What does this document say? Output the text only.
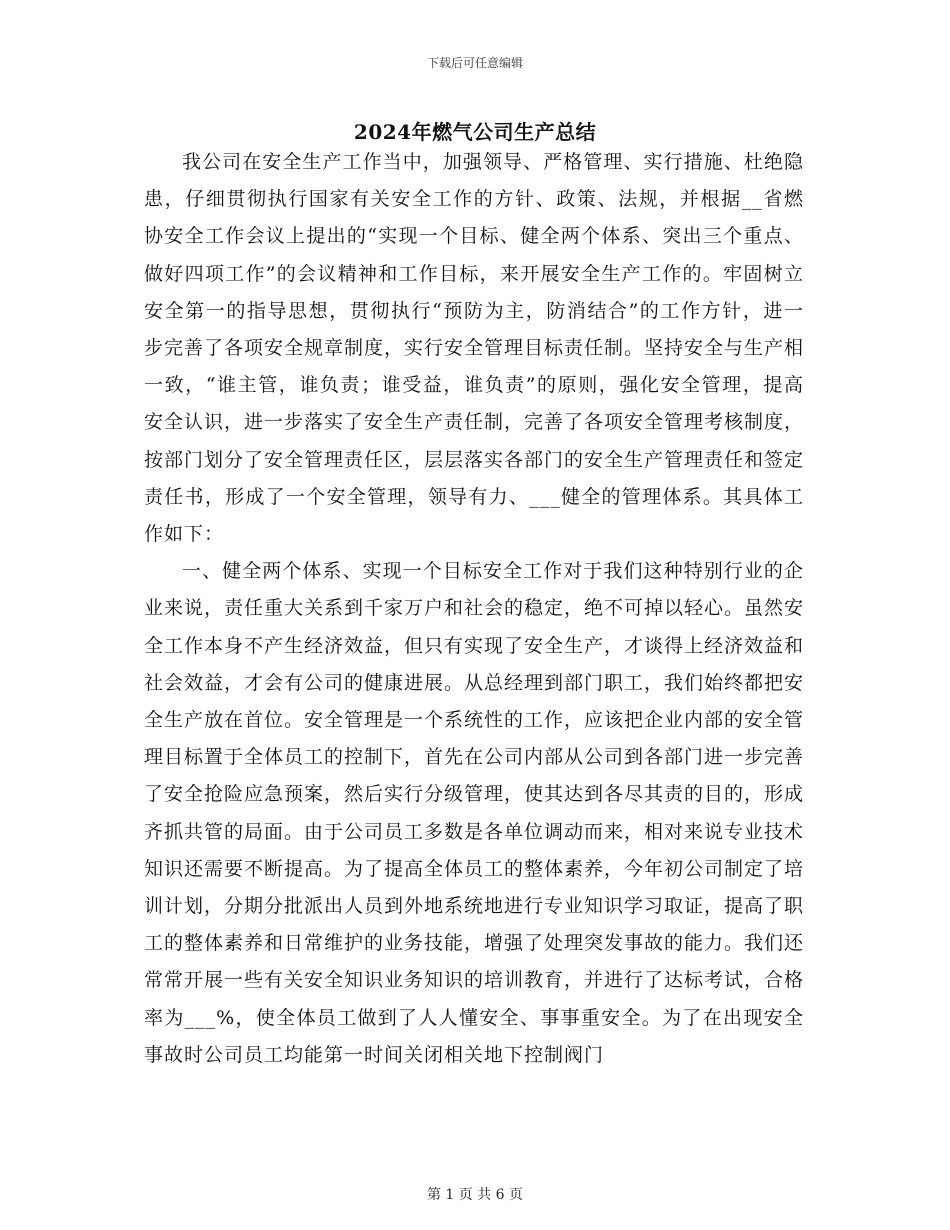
下载后可任意编辑
2024年燃气公司生产总结

我公司在安全生产工作当中，加强领导、严格管理、实行措施、杜绝隐患，仔细贯彻执行国家有关安全工作的方针、政策、法规，并根据__省燃协安全工作会议上提出的“实现一个目标、健全两个体系、突出三个重点、做好四项工作”的会议精神和工作目标，来开展安全生产工作的。牢固树立安全第一的指导思想，贯彻执行“预防为主，防消结合”的工作方针，进一步完善了各项安全规章制度，实行安全管理目标责任制。坚持安全与生产相一致，“谁主管，谁负责；谁受益，谁负责”的原则，强化安全管理，提高安全认识，进一步落实了安全生产责任制，完善了各项安全管理考核制度，按部门划分了安全管理责任区，层层落实各部门的安全生产管理责任和签定责任书，形成了一个安全管理，领导有力、___健全的管理体系。其具体工作如下：

一、健全两个体系、实现一个目标安全工作对于我们这种特别行业的企业来说，责任重大关系到千家万户和社会的稳定，绝不可掉以轻心。虽然安全工作本身不产生经济效益，但只有实现了安全生产，才谈得上经济效益和社会效益，才会有公司的健康进展。从总经理到部门职工，我们始终都把安全生产放在首位。安全管理是一个系统性的工作，应该把企业内部的安全管理目标置于全体员工的控制下，首先在公司内部从公司到各部门进一步完善了安全抢险应急预案，然后实行分级管理，使其达到各尽其责的目的，形成齐抓共管的局面。由于公司员工多数是各单位调动而来，相对来说专业技术知识还需要不断提高。为了提高全体员工的整体素养，今年初公司制定了培训计划，分期分批派出人员到外地系统地进行专业知识学习取证，提高了职工的整体素养和日常维护的业务技能，增强了处理突发事故的能力。我们还常常开展一些有关安全知识业务知识的培训教育，并进行了达标考试，合格率为___%，使全体员工做到了人人懂安全、事事重安全。为了在出现安全事故时公司员工均能第一时间关闭相关地下控制阀门

第 1 页 共 6 页
